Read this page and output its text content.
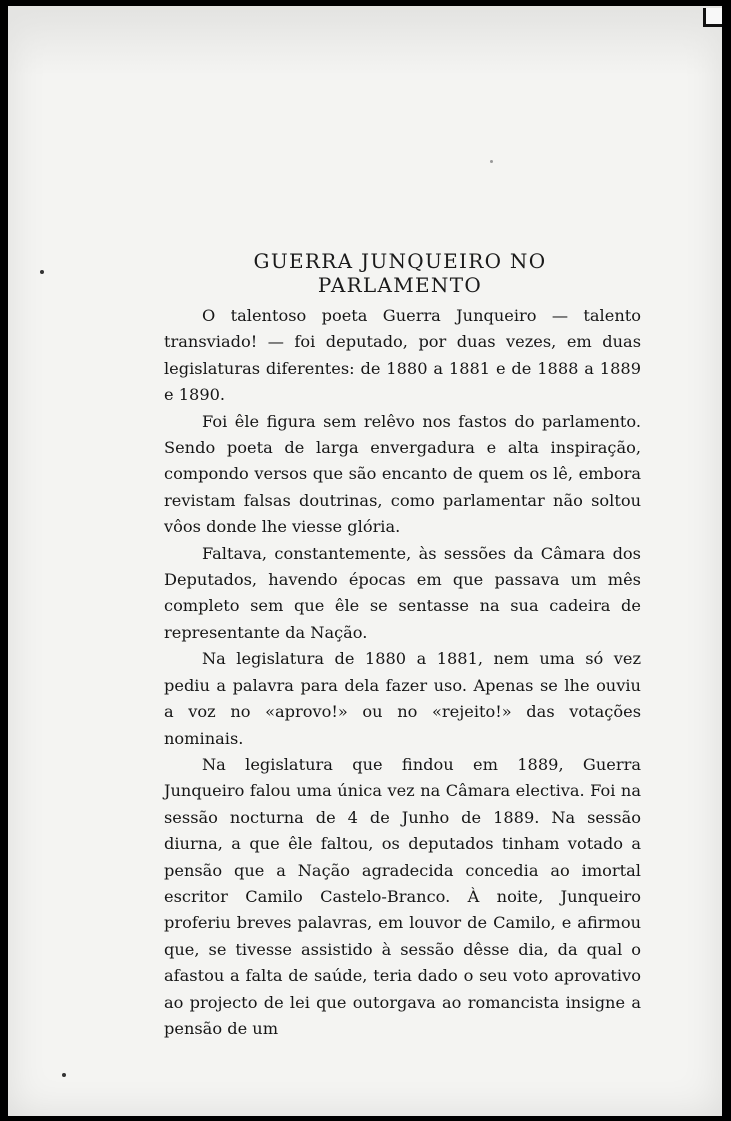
GUERRA JUNQUEIRO NO PARLAMENTO

O talentoso poeta Guerra Junqueiro — talento transviado! — foi deputado, por duas vezes, em duas legislaturas diferentes: de 1880 a 1881 e de 1888 a 1889 e 1890.

Foi êle figura sem relêvo nos fastos do parlamento. Sendo poeta de larga envergadura e alta inspiração, compondo versos que são encanto de quem os lê, embora revistam falsas doutrinas, como parlamentar não soltou vôos donde lhe viesse glória.

Faltava, constantemente, às sessões da Câmara dos Deputados, havendo épocas em que passava um mês completo sem que êle se sentasse na sua cadeira de representante da Nação.

Na legislatura de 1880 a 1881, nem uma só vez pediu a palavra para dela fazer uso. Apenas se lhe ouviu a voz no «aprovo!» ou no «rejeito!» das votações nominais.

Na legislatura que findou em 1889, Guerra Junqueiro falou uma única vez na Câmara electiva. Foi na sessão nocturna de 4 de Junho de 1889. Na sessão diurna, a que êle faltou, os deputados tinham votado a pensão que a Nação agradecida concedia ao imortal escritor Camilo Castelo-Branco. À noite, Junqueiro proferiu breves palavras, em louvor de Camilo, e afirmou que, se tivesse assistido à sessão dêsse dia, da qual o afastou a falta de saúde, teria dado o seu voto aprovativo ao projecto de lei que outorgava ao romancista insigne a pensão de um
